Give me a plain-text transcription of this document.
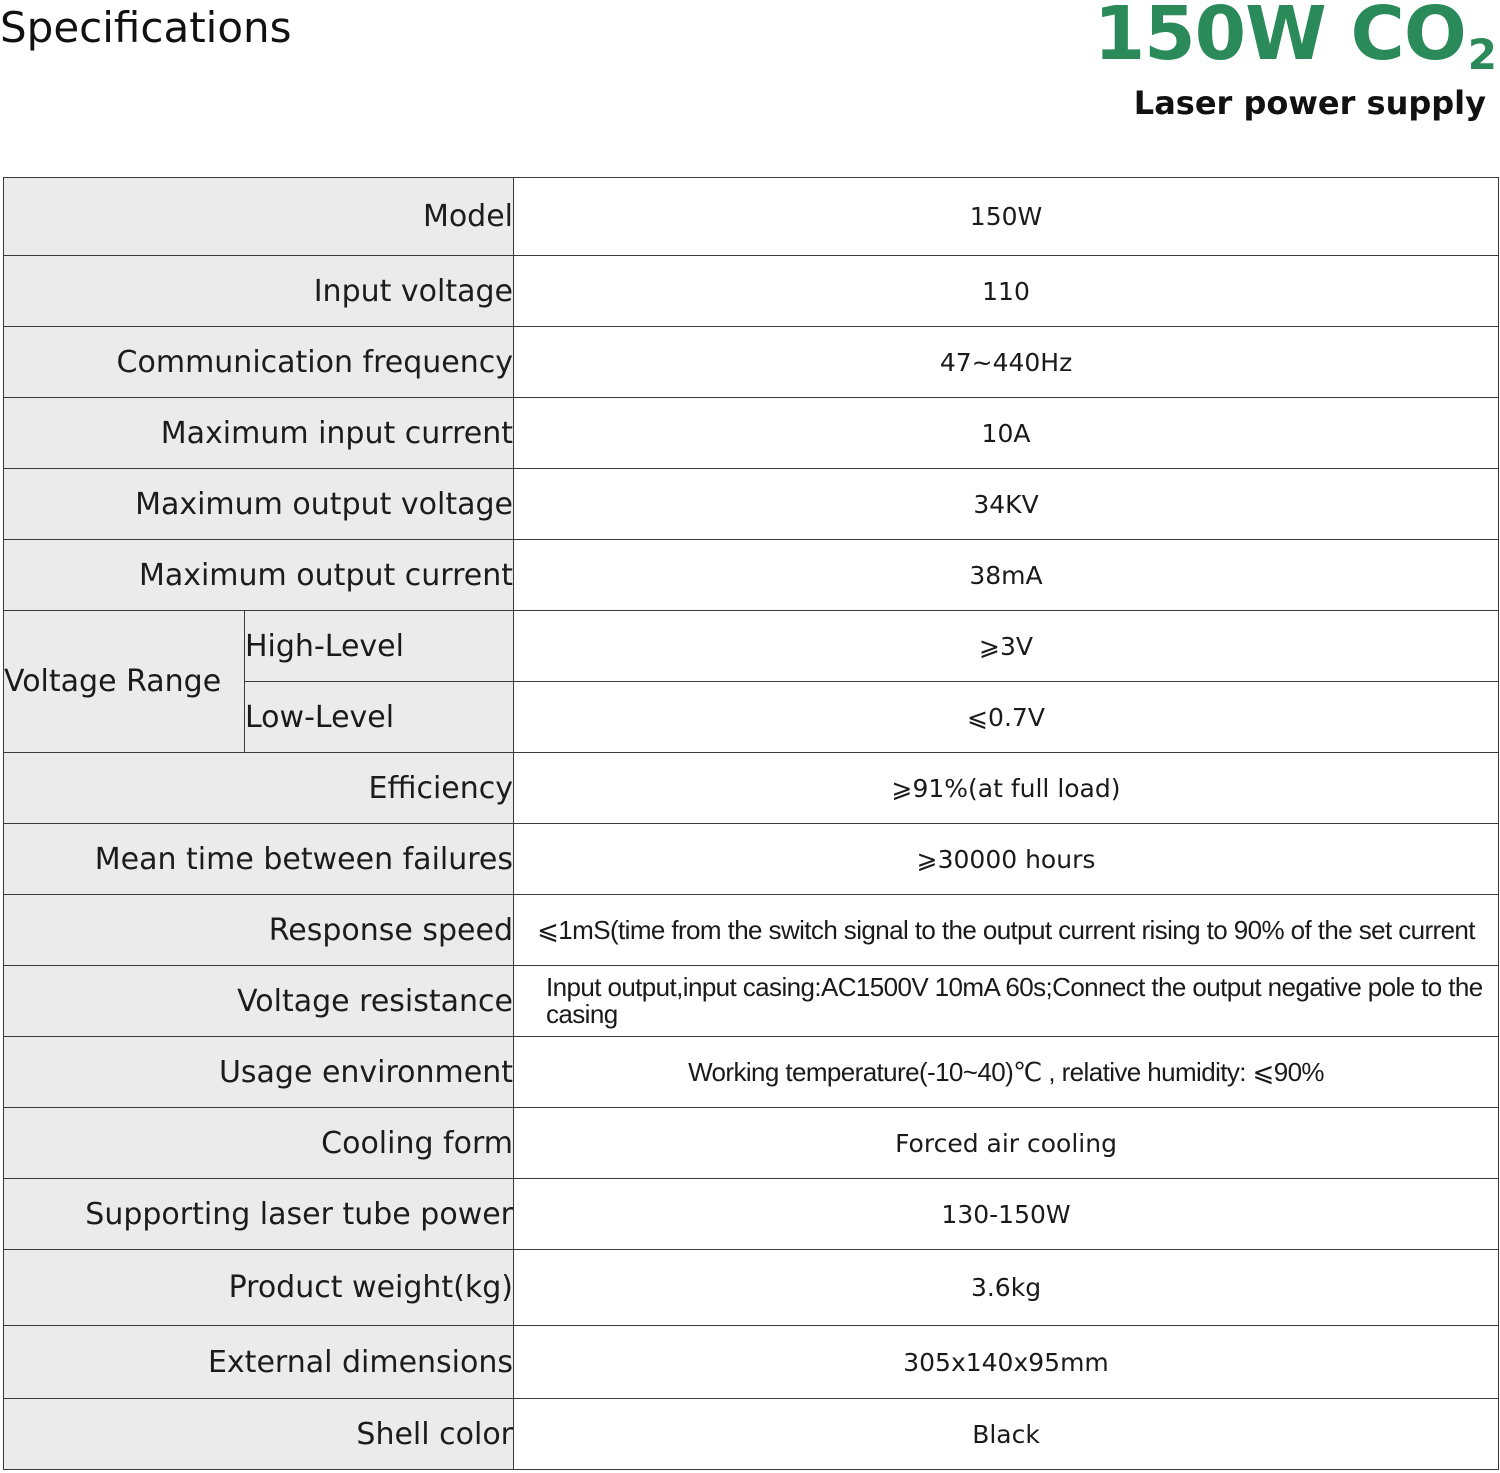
Specifications	150W $CO_2$
Laser power supply
Model		150W
Input voltage		110
Communication frequency		47~440Hz
Maximum input current		10A
Maximum output voltage		34KV
Maximum output current		38mA
Voltage Range	High-Level	⩾3V
	Low-Level	⩽0.7V
Efficiency		⩾91%(at full load)
Mean time between failures		⩾30000 hours
Response speed		⩽1mS(time from the switch signal to the output current rising to 90% of the set current
Voltage resistance		Input output,input casing:AC1500V 10mA 60s;Connect the output negative pole to the casing
Usage environment		Working temperature(-10~40)℃ , relative humidity: ⩽90%
Cooling form		Forced air cooling
Supporting laser tube power		130-150W
Product weight(kg)		3.6kg
External dimensions		305x140x95mm
Shell color		Black
